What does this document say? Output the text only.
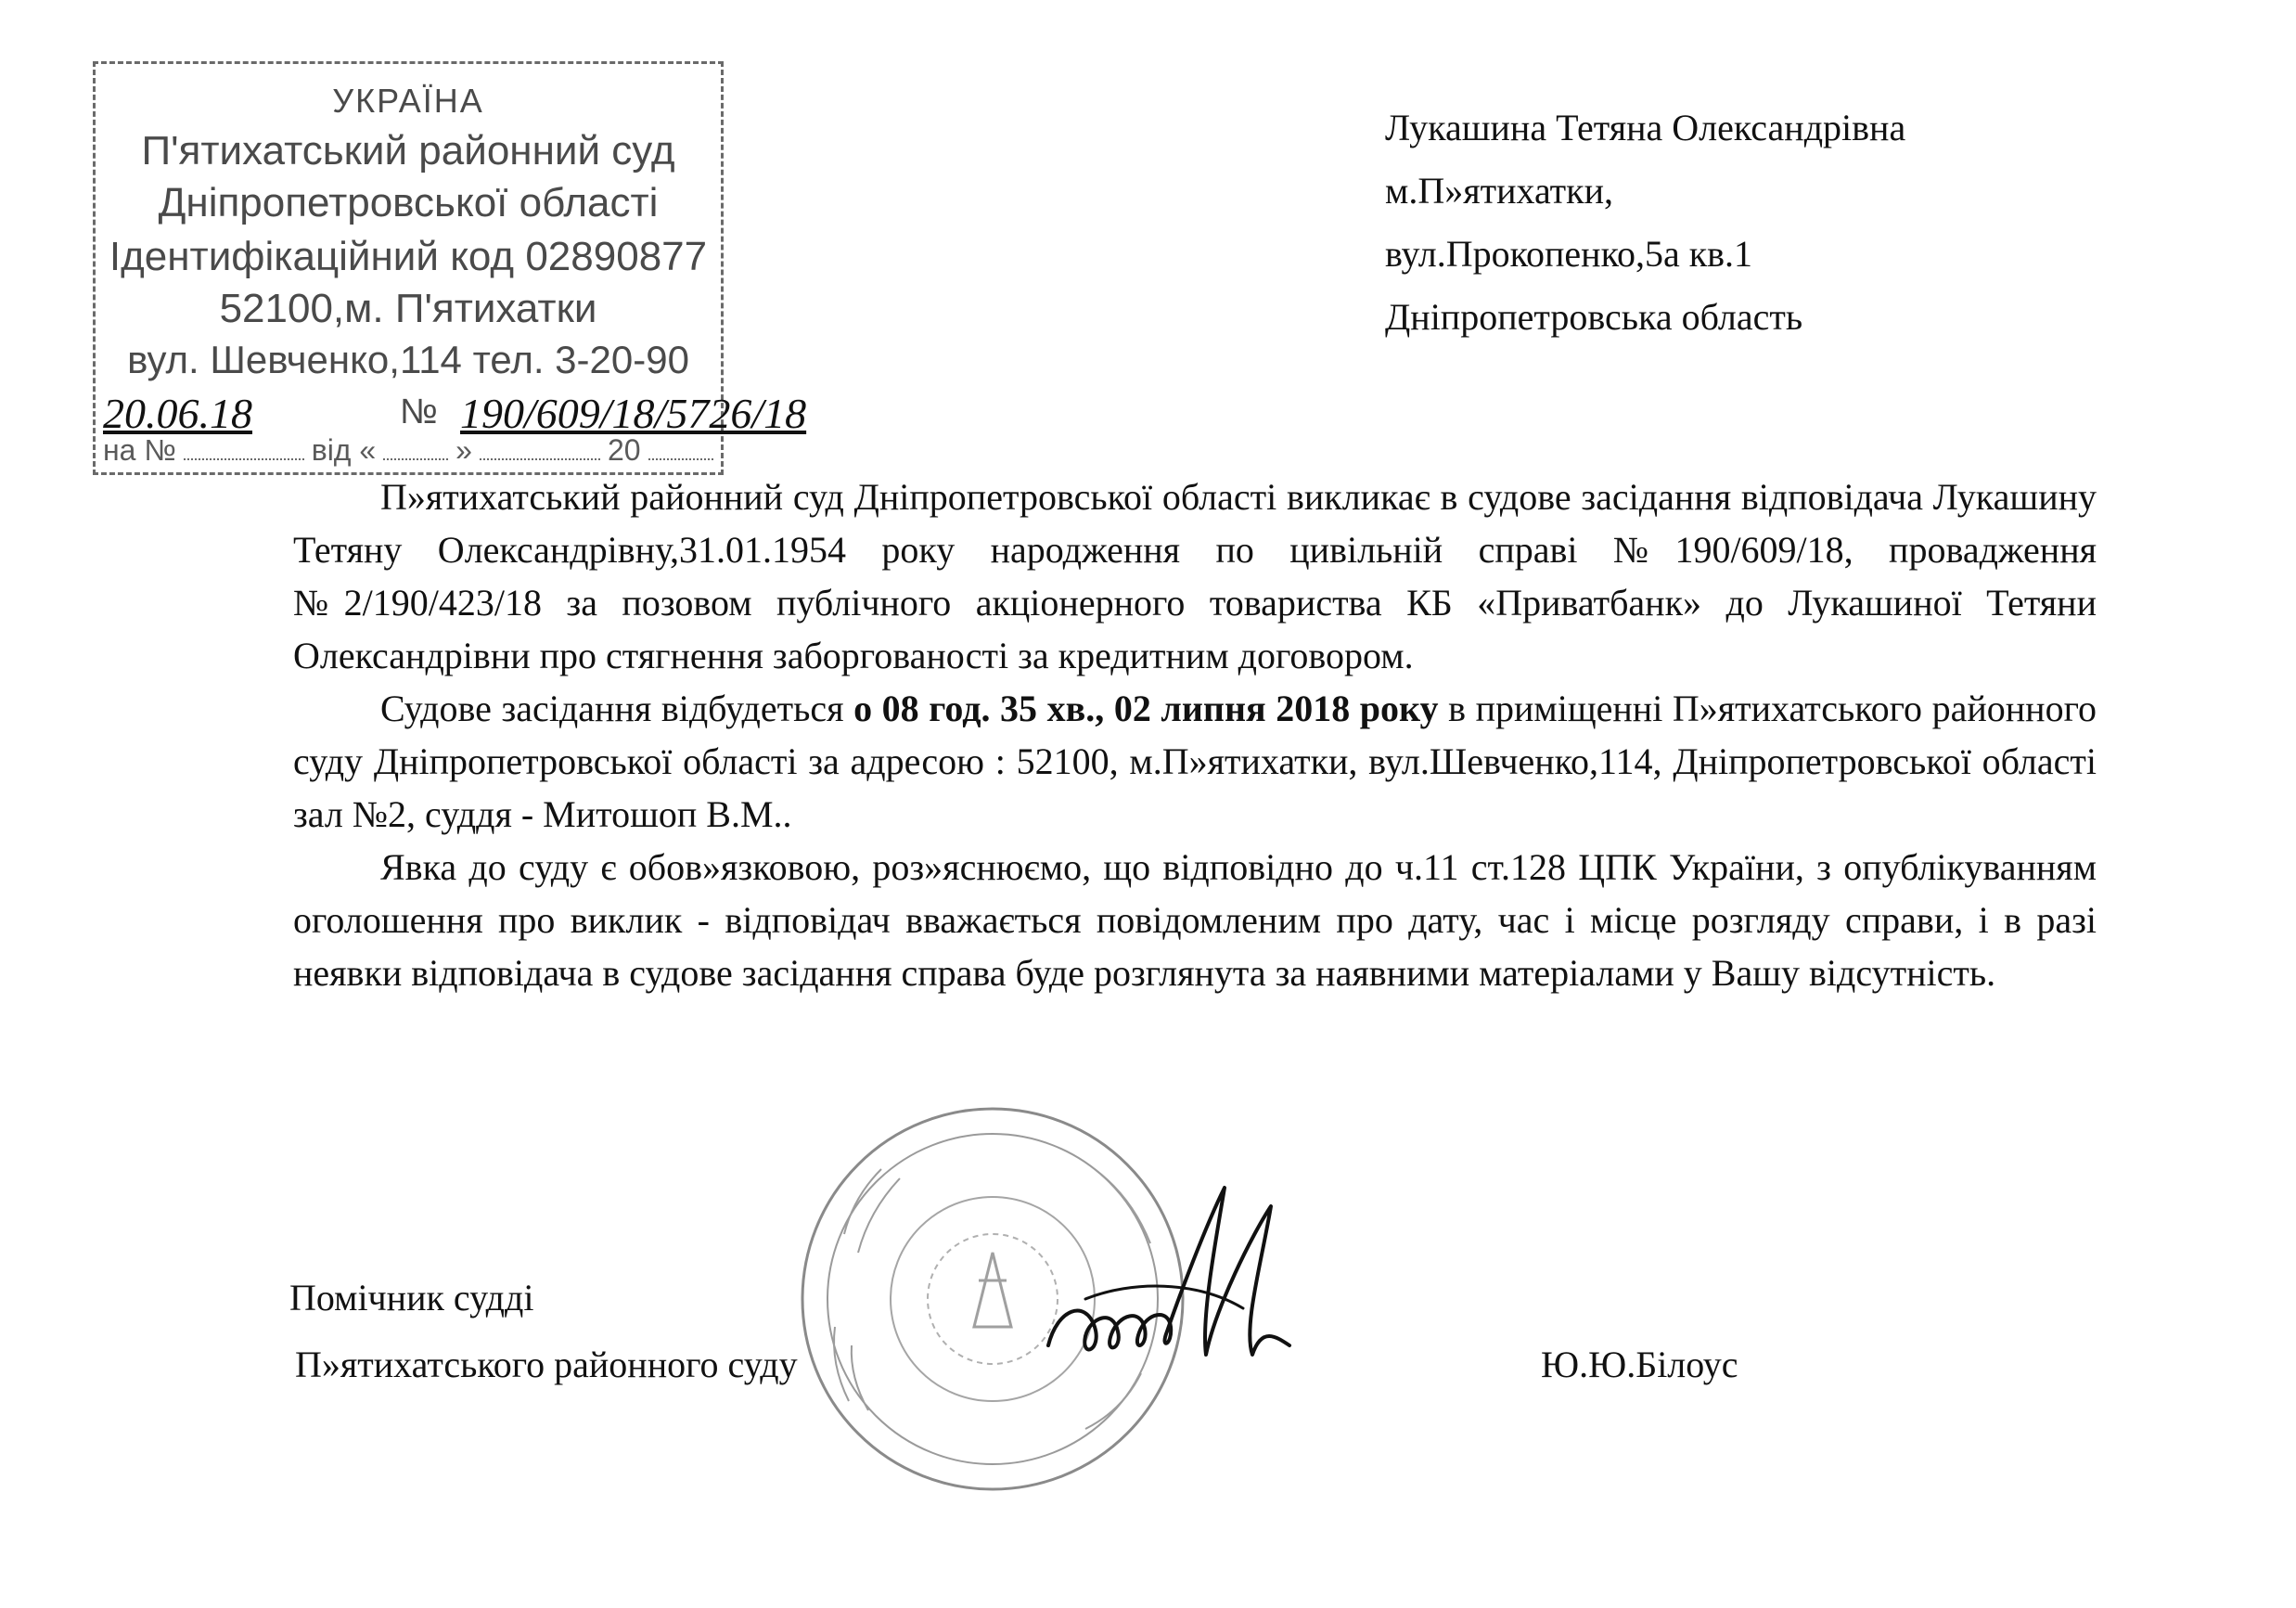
УКРАЇНА
П'ятихатський районний суд
Дніпропетровської області
Ідентифікаційний код 02890877
52100,м. П'ятихатки
вул. Шевченко,114 тел. 3-20-90
20.06.18	№ 190/609/18/5726/18
на №	від «	»	20
Лукашина Тетяна Олександрівна
м.П»ятихатки,
вул.Прокопенко,5а кв.1
Дніпропетровська область

П»ятихатський районний суд Дніпропетровської області викликає в судове засідання відповідача Лукашину Тетяну Олександрівну,31.01.1954 року народження по цивільній справі №190/609/18, провадження №2/190/423/18 за позовом публічного акціонерного товариства КБ «Приватбанк» до Лукашиної Тетяни Олександрівни про стягнення заборгованості за кредитним договором.

Судове засідання відбудеться о 08 год. 35 хв., 02 липня 2018 року в приміщенні П»ятихатського районного суду Дніпропетровської області за адресою : 52100, м.П»ятихатки, вул.Шевченко,114, Дніпропетровської області зал №2, суддя - Митошоп В.М..

Явка до суду є обов»язковою, роз»яснюємо, що відповідно до ч.11 ст.128 ЦПК України, з опублікуванням оголошення про виклик - відповідач вважається повідомленим про дату, час і місце розгляду справи, і в разі неявки відповідача в судове засідання справа буде розглянута за наявними матеріалами у Вашу відсутність.

Помічник судді
П»ятихатського районного суду	Ю.Ю.Білоус
